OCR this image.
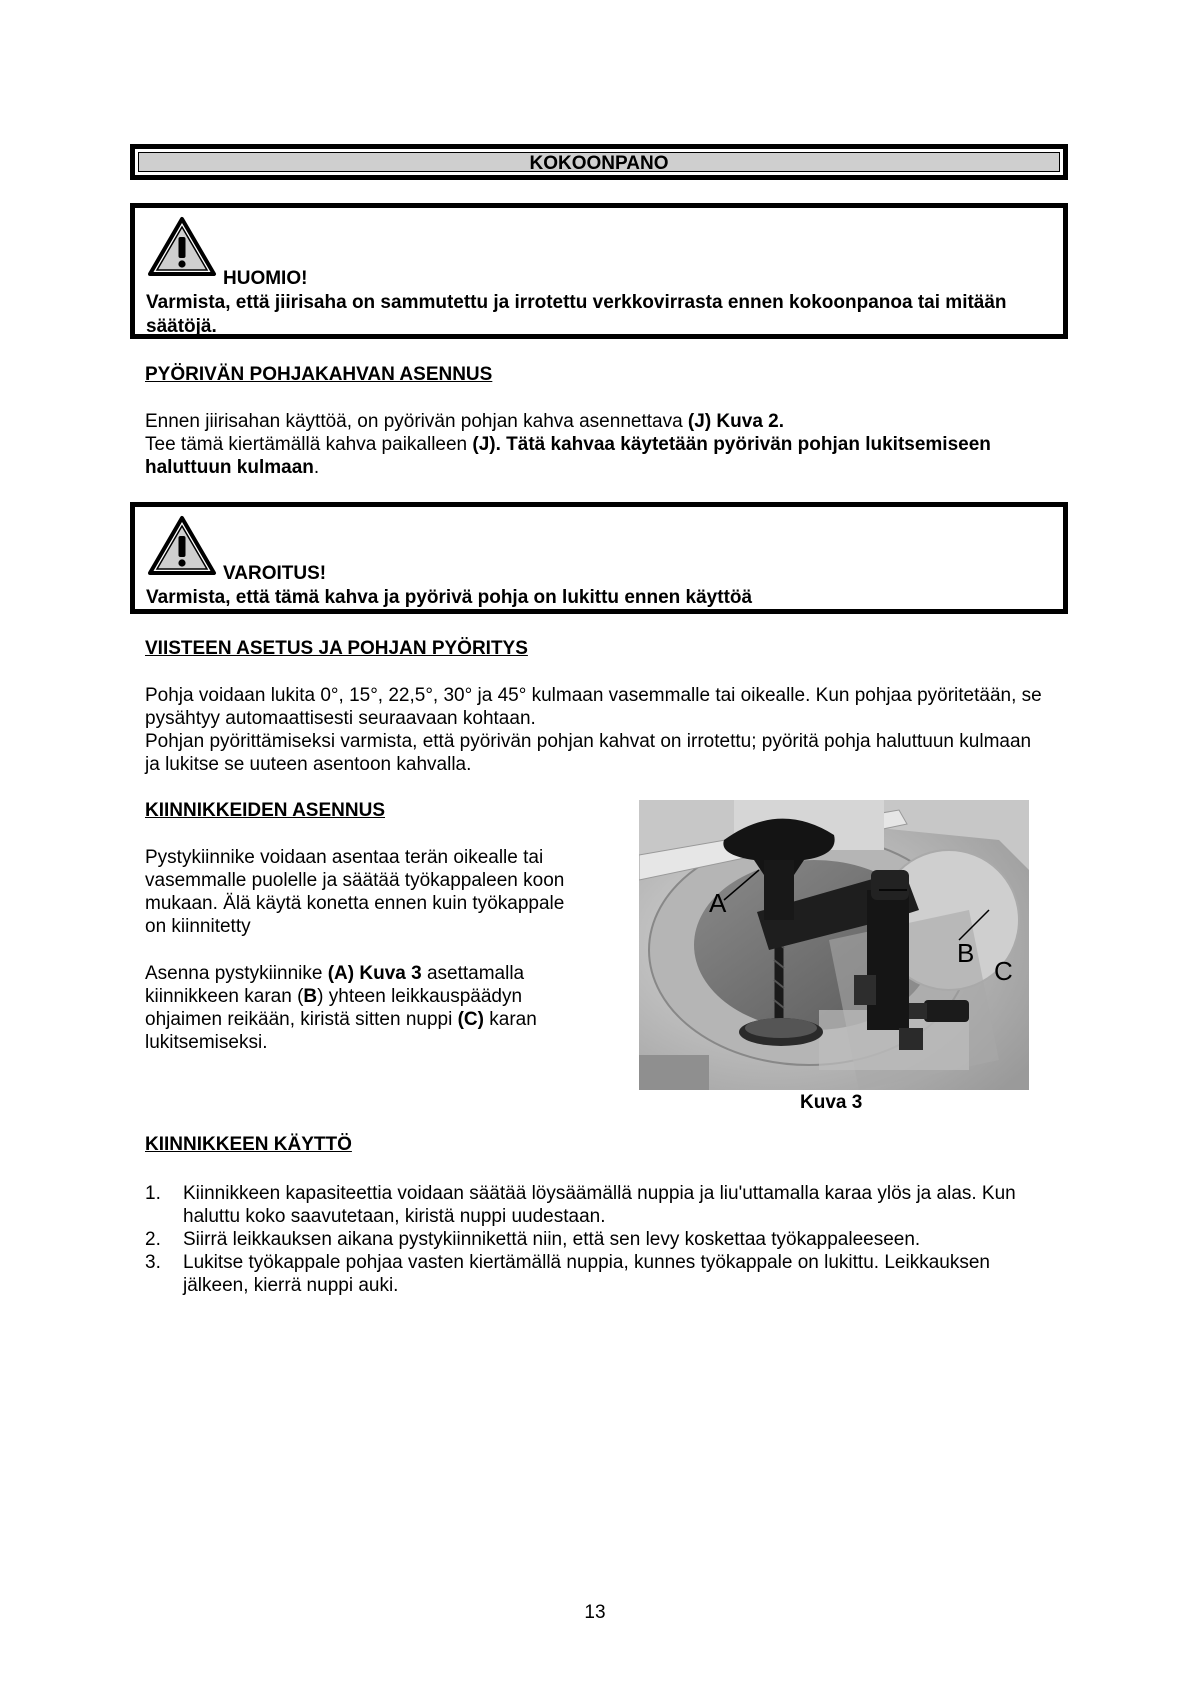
KOKOONPANO
HUOMIO!
Varmista, että jiirisaha on sammutettu ja irrotettu verkkovirrasta ennen kokoonpanoa tai mitään säätöjä.
PYÖRIVÄN POHJAKAHVAN ASENNUS
Ennen jiirisahan käyttöä, on pyörivän pohjan kahva asennettava (J) Kuva 2.
Tee tämä kiertämällä kahva paikalleen (J). Tätä kahvaa käytetään pyörivän pohjan lukitsemiseen haluttuun kulmaan.
VAROITUS!
Varmista, että tämä kahva ja pyörivä pohja on lukittu ennen käyttöä
VIISTEEN ASETUS JA POHJAN PYÖRITYS
Pohja voidaan lukita 0°, 15°, 22,5°, 30° ja 45° kulmaan vasemmalle tai oikealle. Kun pohjaa pyöritetään, se pysähtyy automaattisesti seuraavaan kohtaan.
Pohjan pyörittämiseksi varmista, että pyörivän pohjan kahvat on irrotettu; pyöritä pohja haluttuun kulmaan ja lukitse se uuteen asentoon kahvalla.
KIINNIKKEIDEN ASENNUS
Pystykiinnike voidaan asentaa terän oikealle tai vasemmalle puolelle ja säätää työkappaleen koon mukaan. Älä käytä konetta ennen kuin työkappale on kiinnitetty
Asenna pystykiinnike (A) Kuva 3 asettamalla kiinnikkeen karan (B) yhteen leikkauspäädyn ohjaimen reikään, kiristä sitten nuppi (C) karan lukitsemiseksi.
A
B
C
Kuva 3
KIINNIKKEEN KÄYTTÖ
1. Kiinnikkeen kapasiteettia voidaan säätää löysäämällä nuppia ja liu'uttamalla karaa ylös ja alas. Kun haluttu koko saavutetaan, kiristä nuppi uudestaan.
2. Siirrä leikkauksen aikana pystykiinnikettä niin, että sen levy koskettaa työkappaleeseen.
3. Lukitse työkappale pohjaa vasten kiertämällä nuppia, kunnes työkappale on lukittu. Leikkauksen jälkeen, kierrä nuppi auki.
13
